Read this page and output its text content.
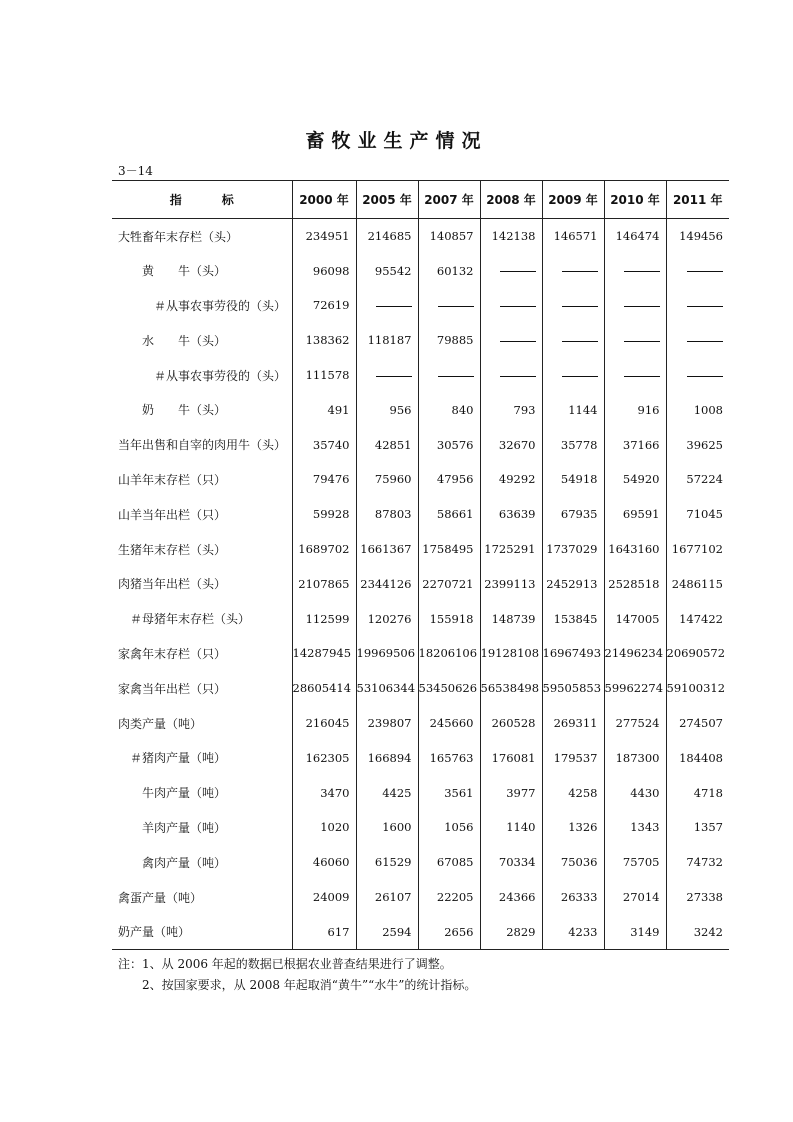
畜牧业生产情况
3－14
指标	2000 年	2005 年	2007 年	2008 年	2009 年	2010 年	2011 年
大牲畜年末存栏（头）	234951	214685	140857	142138	146571	146474	149456
黄　　牛（头）	96098	95542	60132				
＃从事农事劳役的（头）	72619						
水　　牛（头）	138362	118187	79885				
＃从事农事劳役的（头）	111578						
奶　　牛（头）	491	956	840	793	1144	916	1008
当年出售和自宰的肉用牛（头）	35740	42851	30576	32670	35778	37166	39625
山羊年末存栏（只）	79476	75960	47956	49292	54918	54920	57224
山羊当年出栏（只）	59928	87803	58661	63639	67935	69591	71045
生猪年末存栏（头）	1689702	1661367	1758495	1725291	1737029	1643160	1677102
肉猪当年出栏（头）	2107865	2344126	2270721	2399113	2452913	2528518	2486115
＃母猪年末存栏（头）	112599	120276	155918	148739	153845	147005	147422
家禽年末存栏（只）	14287945	19969506	18206106	19128108	16967493	21496234	20690572
家禽当年出栏（只）	28605414	53106344	53450626	56538498	59505853	59962274	59100312
肉类产量（吨）	216045	239807	245660	260528	269311	277524	274507
＃猪肉产量（吨）	162305	166894	165763	176081	179537	187300	184408
牛肉产量（吨）	3470	4425	3561	3977	4258	4430	4718
羊肉产量（吨）	1020	1600	1056	1140	1326	1343	1357
禽肉产量（吨）	46060	61529	67085	70334	75036	75705	74732
禽蛋产量（吨）	24009	26107	22205	24366	26333	27014	27338
奶产量（吨）	617	2594	2656	2829	4233	3149	3242
注：1、从 2006 年起的数据已根据农业普查结果进行了调整。
2、按国家要求，从 2008 年起取消“黄牛”“水牛”的统计指标。
